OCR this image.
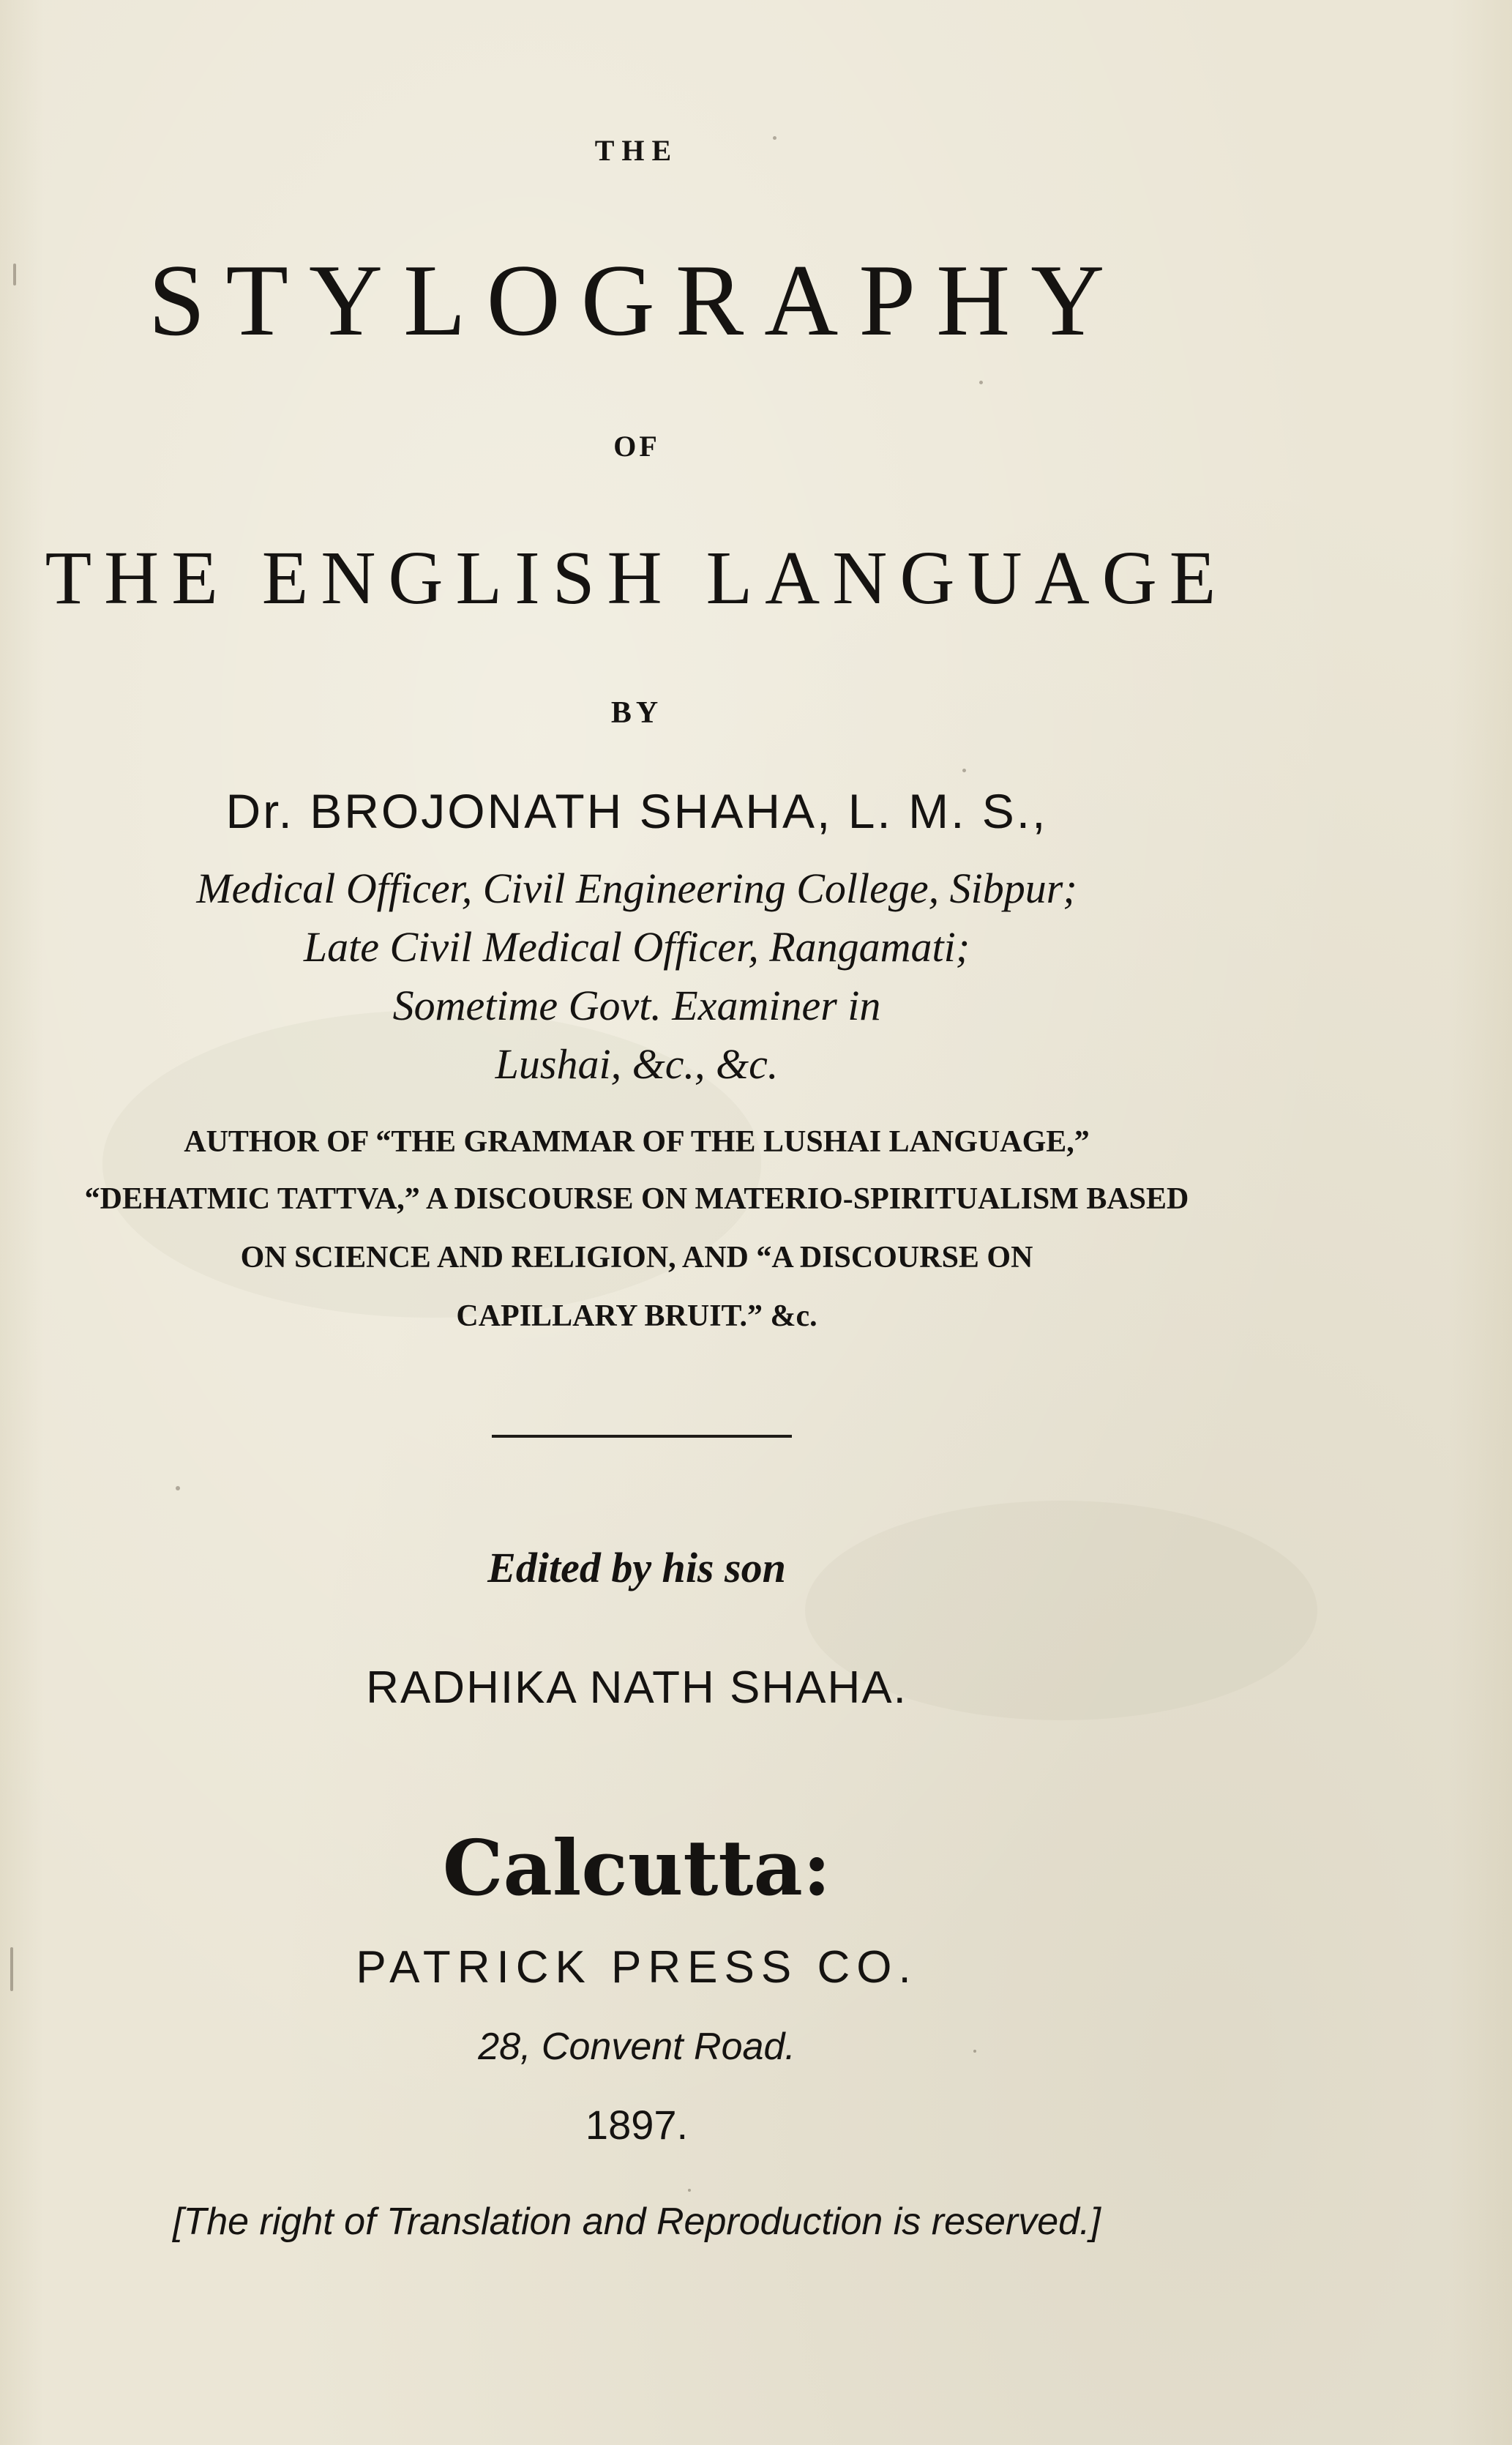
THE
STYLOGRAPHY
OF
THE ENGLISH LANGUAGE
BY
Dr. BROJONATH SHAHA, L. M. S.,
Medical Officer, Civil Engineering College, Sibpur;
Late Civil Medical Officer, Rangamati;
Sometime Govt. Examiner in
Lushai, &c., &c.
AUTHOR OF “THE GRAMMAR OF THE LUSHAI LANGUAGE,”
“DEHATMIC TATTVA,” A DISCOURSE ON MATERIO-SPIRITUALISM BASED
ON SCIENCE AND RELIGION, AND “A DISCOURSE ON
CAPILLARY BRUIT.” &c.
Edited by his son
RADHIKA NATH SHAHA.
Calcutta:
PATRICK PRESS CO.
28, Convent Road.
1897.
[The right of Translation and Reproduction is reserved.]
